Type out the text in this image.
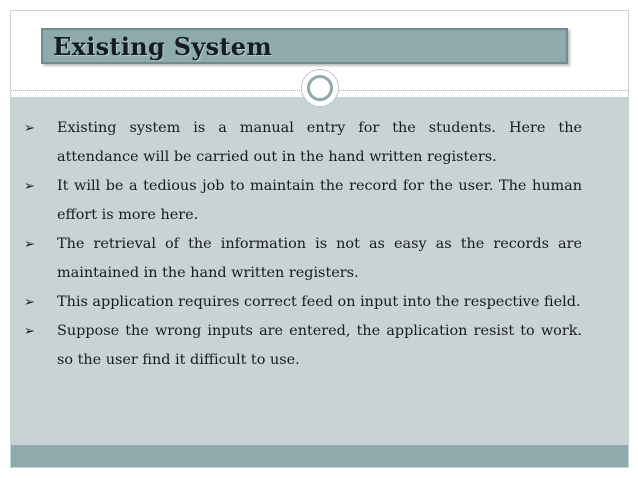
Existing System
➢ Existing system is a manual entry for the students. Here the attendance will be carried out in the hand written registers.
➢ It will be a tedious job to maintain the record for the user. The human effort is more here.
➢ The retrieval of the information is not as easy as the records are maintained in the hand written registers.
➢ This application requires correct feed on input into the respective field.
➢ Suppose the wrong inputs are entered, the application resist to work. so the user find it difficult to use.
